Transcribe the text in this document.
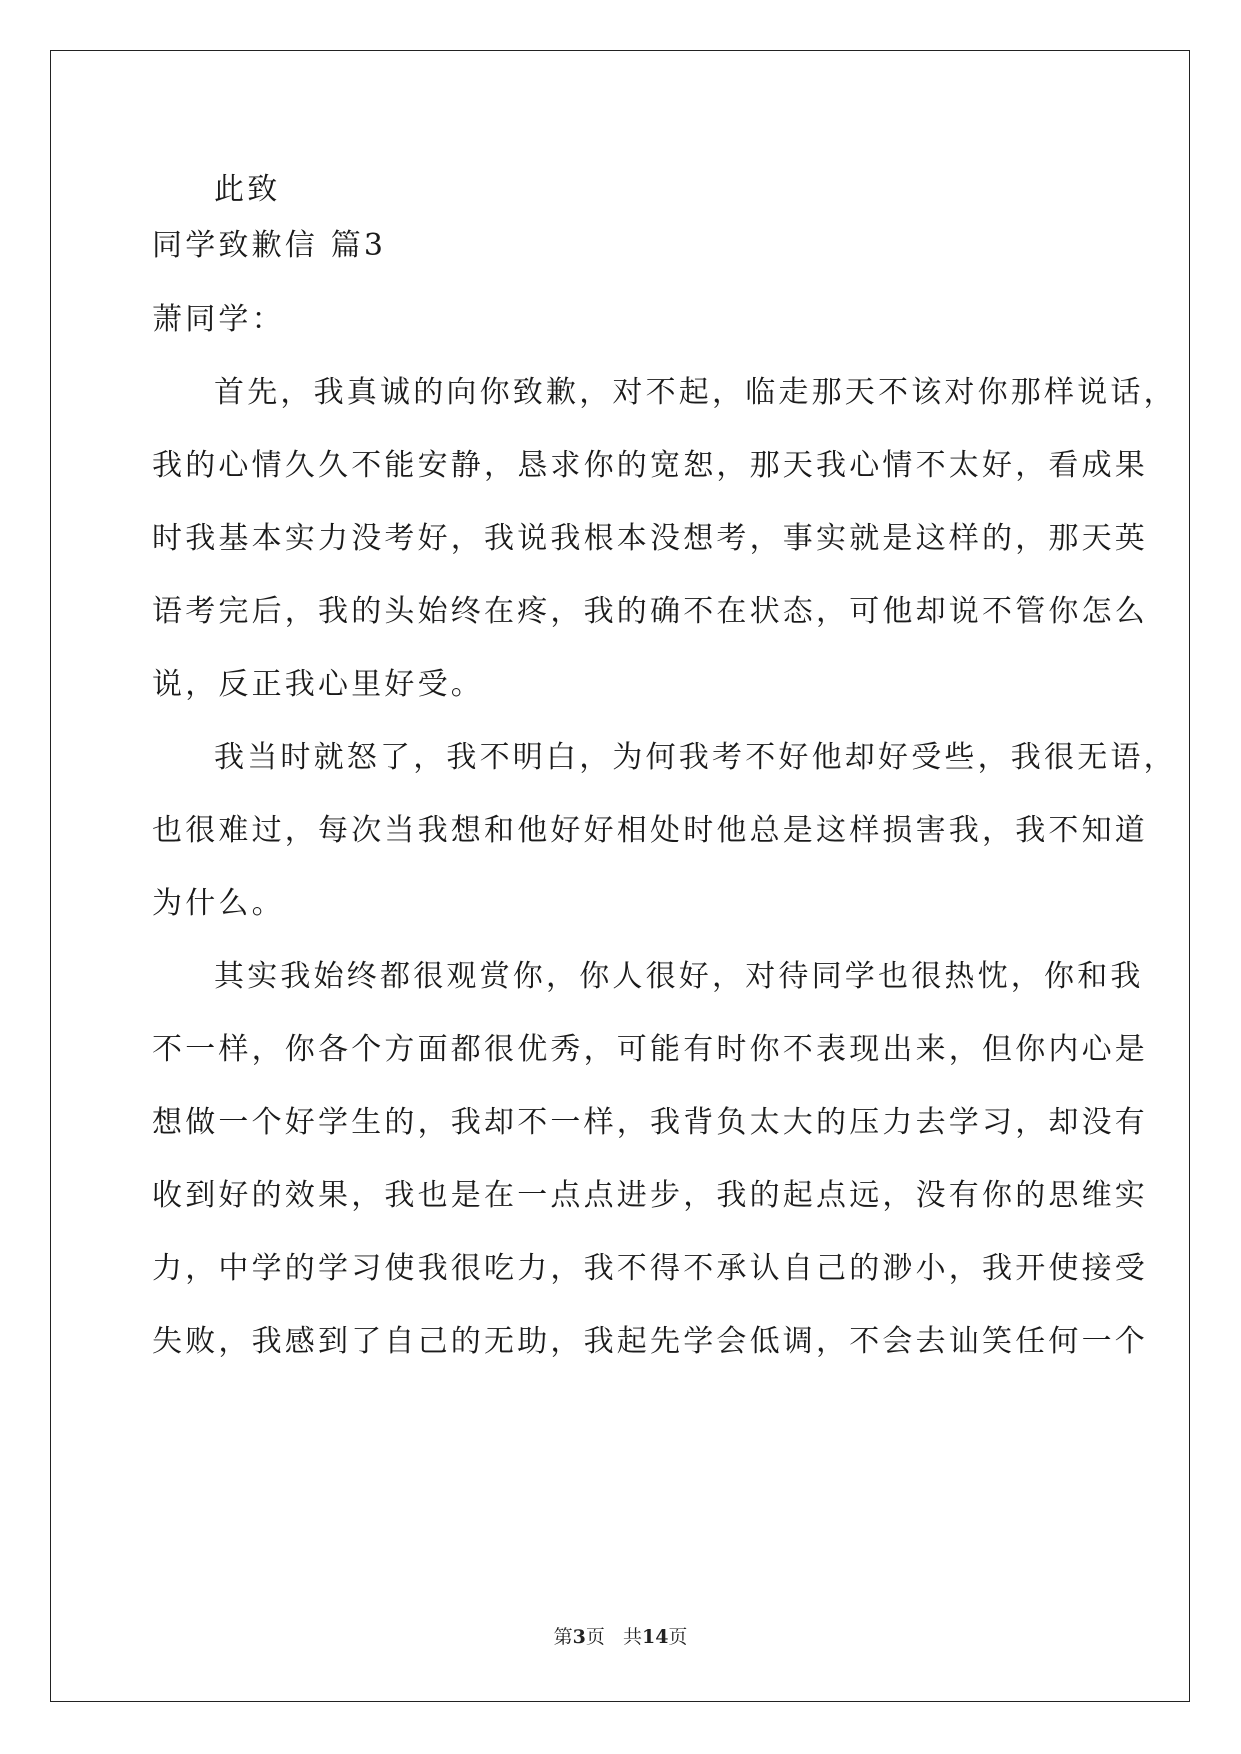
此致
同学致歉信 篇3
萧同学：
首先，我真诚的向你致歉，对不起，临走那天不该对你那样说话，
我的心情久久不能安静，恳求你的宽恕，那天我心情不太好，看成果
时我基本实力没考好，我说我根本没想考，事实就是这样的，那天英
语考完后，我的头始终在疼，我的确不在状态，可他却说不管你怎么
说，反正我心里好受。
我当时就怒了，我不明白，为何我考不好他却好受些，我很无语，
也很难过，每次当我想和他好好相处时他总是这样损害我，我不知道
为什么。
其实我始终都很观赏你，你人很好，对待同学也很热忱，你和我
不一样，你各个方面都很优秀，可能有时你不表现出来，但你内心是
想做一个好学生的，我却不一样，我背负太大的压力去学习，却没有
收到好的效果，我也是在一点点进步，我的起点远，没有你的思维实
力，中学的学习使我很吃力，我不得不承认自己的渺小，我开使接受
失败，我感到了自己的无助，我起先学会低调，不会去讪笑任何一个
第3页 共14页
